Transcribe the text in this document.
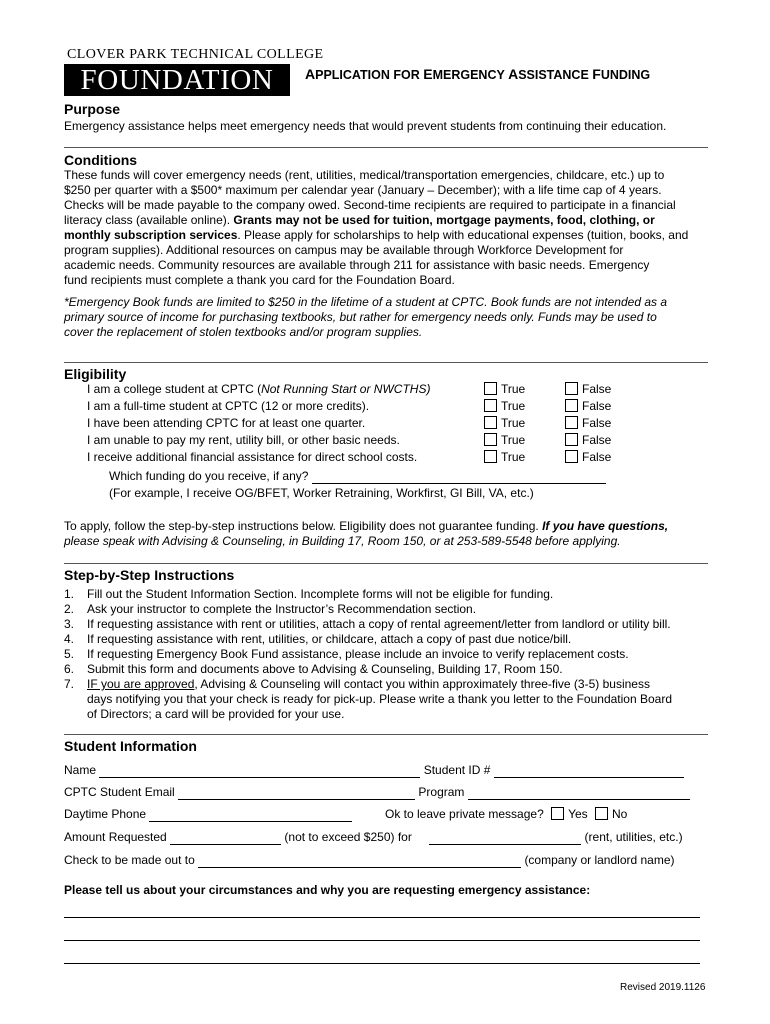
CLOVER PARK TECHNICAL COLLEGE
FOUNDATION	APPLICATION FOR EMERGENCY ASSISTANCE FUNDING
Purpose
Emergency assistance helps meet emergency needs that would prevent students from continuing their education.
Conditions
These funds will cover emergency needs (rent, utilities, medical/transportation emergencies, childcare, etc.) up to
$250 per quarter with a $500* maximum per calendar year (January – December); with a life time cap of 4 years.
Checks will be made payable to the company owed. Second-time recipients are required to participate in a financial
literacy class (available online). Grants may not be used for tuition, mortgage payments, food, clothing, or
monthly subscription services. Please apply for scholarships to help with educational expenses (tuition, books, and
program supplies). Additional resources on campus may be available through Workforce Development for
academic needs. Community resources are available through 211 for assistance with basic needs. Emergency
fund recipients must complete a thank you card for the Foundation Board.
*Emergency Book funds are limited to $250 in the lifetime of a student at CPTC. Book funds are not intended as a
primary source of income for purchasing textbooks, but rather for emergency needs only. Funds may be used to
cover the replacement of stolen textbooks and/or program supplies.
Eligibility
I am a college student at CPTC (Not Running Start or NWCTHS)	True	False
I am a full-time student at CPTC (12 or more credits).	True	False
I have been attending CPTC for at least one quarter.	True	False
I am unable to pay my rent, utility bill, or other basic needs.	True	False
I receive additional financial assistance for direct school costs.	True	False
Which funding do you receive, if any?
(For example, I receive OG/BFET, Worker Retraining, Workfirst, GI Bill, VA, etc.)
To apply, follow the step-by-step instructions below. Eligibility does not guarantee funding. If you have questions,
please speak with Advising & Counseling, in Building 17, Room 150, or at 253-589-5548 before applying.
Step-by-Step Instructions
1. Fill out the Student Information Section. Incomplete forms will not be eligible for funding.
2. Ask your instructor to complete the Instructor’s Recommendation section.
3. If requesting assistance with rent or utilities, attach a copy of rental agreement/letter from landlord or utility bill.
4. If requesting assistance with rent, utilities, or childcare, attach a copy of past due notice/bill.
5. If requesting Emergency Book Fund assistance, please include an invoice to verify replacement costs.
6. Submit this form and documents above to Advising & Counseling, Building 17, Room 150.
7. IF you are approved, Advising & Counseling will contact you within approximately three-five (3-5) business
days notifying you that your check is ready for pick-up. Please write a thank you letter to the Foundation Board
of Directors; a card will be provided for your use.
Student Information
Name	Student ID #
CPTC Student Email	Program
Daytime Phone	Ok to leave private message? Yes No
Amount Requested	(not to exceed $250) for	(rent, utilities, etc.)
Check to be made out to	(company or landlord name)
Please tell us about your circumstances and why you are requesting emergency assistance:
Revised 2019.1126
